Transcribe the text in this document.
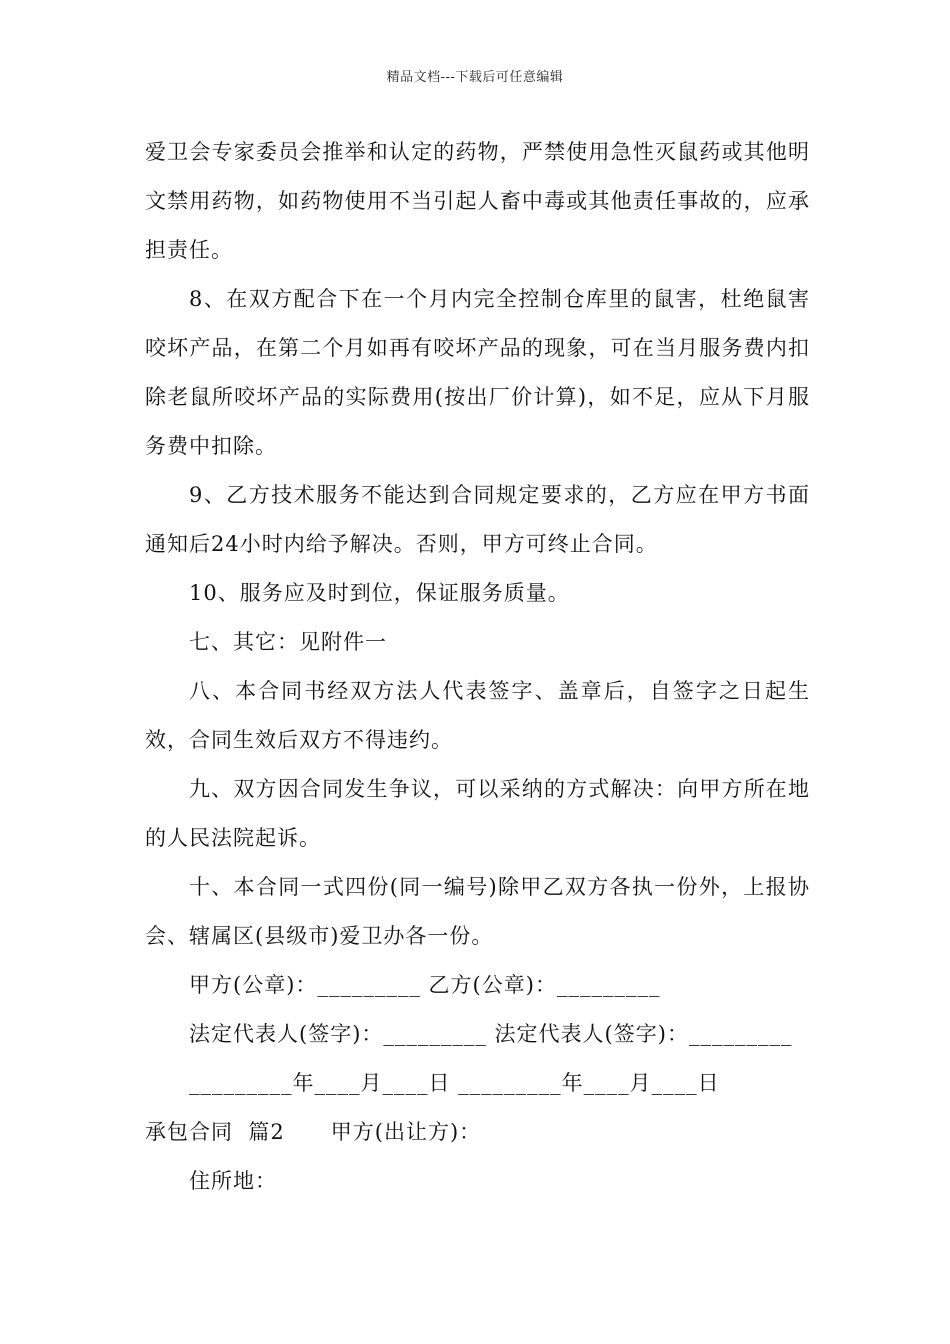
精品文档---下载后可任意编辑

爱卫会专家委员会推举和认定的药物，严禁使用急性灭鼠药或其他明文禁用药物，如药物使用不当引起人畜中毒或其他责任事故的，应承担责任。

8、在双方配合下在一个月内完全控制仓库里的鼠害，杜绝鼠害咬坏产品，在第二个月如再有咬坏产品的现象，可在当月服务费内扣除老鼠所咬坏产品的实际费用(按出厂价计算)，如不足，应从下月服务费中扣除。

9、乙方技术服务不能达到合同规定要求的，乙方应在甲方书面通知后24小时内给予解决。否则，甲方可终止合同。

10、服务应及时到位，保证服务质量。

七、其它：见附件一

八、本合同书经双方法人代表签字、盖章后，自签字之日起生效，合同生效后双方不得违约。

九、双方因合同发生争议，可以采纳的方式解决：向甲方所在地的人民法院起诉。

十、本合同一式四份(同一编号)除甲乙双方各执一份外，上报协会、辖属区(县级市)爱卫办各一份。

甲方(公章)：_________ 乙方(公章)：_________

法定代表人(签字)：_________ 法定代表人(签字)：_________

_________年____月____日 _________年____月____日

承包合同  篇2      甲方(出让方)：

住所地：
